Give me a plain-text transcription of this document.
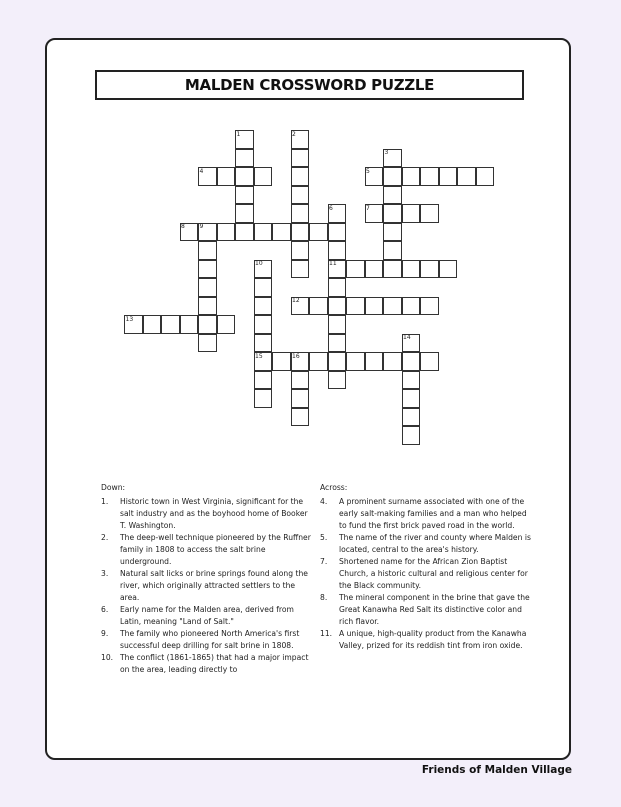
MALDEN CROSSWORD PUZZLE
1	2
3
4	5
6
11
7
8 9
10
15
12
13
14
16
Down:
1.	Historic town in West Virginia, significant for the salt industry and as the boyhood home of Booker T. Washington.
2.	The deep-well technique pioneered by the Ruffner family in 1808 to access the salt brine underground.
3.	Natural salt licks or brine springs found along the river, which originally attracted settlers to the area.
6.	Early name for the Malden area, derived from Latin, meaning "Land of Salt."
9.	The family who pioneered North America's first successful deep drilling for salt brine in 1808.
10. The conflict (1861-1865) that had a major impact on the area, leading directly to
Across:
4.	A prominent surname associated with one of the early salt-making families and a man who helped to fund the first brick paved road in the world.
5.	The name of the river and county where Malden is located, central to the area's history.
7.	Shortened name for the African Zion Baptist Church, a historic cultural and religious center for the Black community.
8.	The mineral component in the brine that gave the Great Kanawha Red Salt its distinctive color and rich flavor.
11. A unique, high-quality product from the Kanawha Valley, prized for its reddish tint from iron oxide.
Friends of Malden Village
